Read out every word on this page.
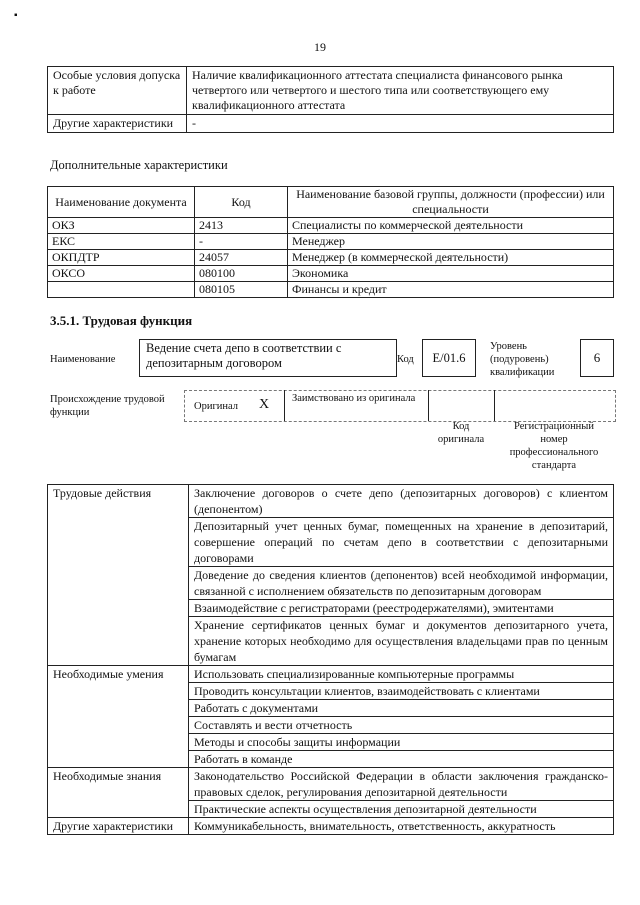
▪
19
Особые условия допуска к работе	Наличие квалификационного аттестата специалиста финансового рынка четвертого или четвертого и шестого типа или соответствующего ему квалификационного аттестата
Другие характеристики	-
Дополнительные характеристики
Наименование документа	Код	Наименование базовой группы, должности (профессии) или специальности
ОКЗ	2413	Специалисты по коммерческой деятельности
ЕКС	-	Менеджер
ОКПДТР	24057	Менеджер (в коммерческой деятельности)
ОКСО	080100	Экономика
	080105	Финансы и кредит
3.5.1. Трудовая функция
Наименование
Ведение счета депо в соответствии с депозитарным договором	Код	E/01.6
Уровень (подуровень) квалификации
6
Происхождение трудовой функции
Оригинал X Заимствовано из оригинала
Код оригинала
Регистрационный номер профессионального стандарта
Трудовые действия	Заключение договоров о счете депо (депозитарных договоров) с клиентом (депонентом)
	Депозитарный учет ценных бумаг, помещенных на хранение в депозитарий, совершение операций по счетам депо в соответствии с депозитарными договорами
	Доведение до сведения клиентов (депонентов) всей необходимой информации, связанной с исполнением обязательств по депозитарным договорам
	Взаимодействие с регистраторами (реестродержателями), эмитентами
	Хранение сертификатов ценных бумаг и документов депозитарного учета, хранение которых необходимо для осуществления владельцами прав по ценным бумагам
Необходимые умения	Использовать специализированные компьютерные программы
	Проводить консультации клиентов, взаимодействовать с клиентами
	Работать с документами
	Составлять и вести отчетность
	Методы и способы защиты информации
	Работать в команде
Необходимые знания	Законодательство Российской Федерации в области заключения гражданско-правовых сделок, регулирования депозитарной деятельности
	Практические аспекты осуществления депозитарной деятельности
Другие характеристики	Коммуникабельность, внимательность, ответственность, аккуратность
